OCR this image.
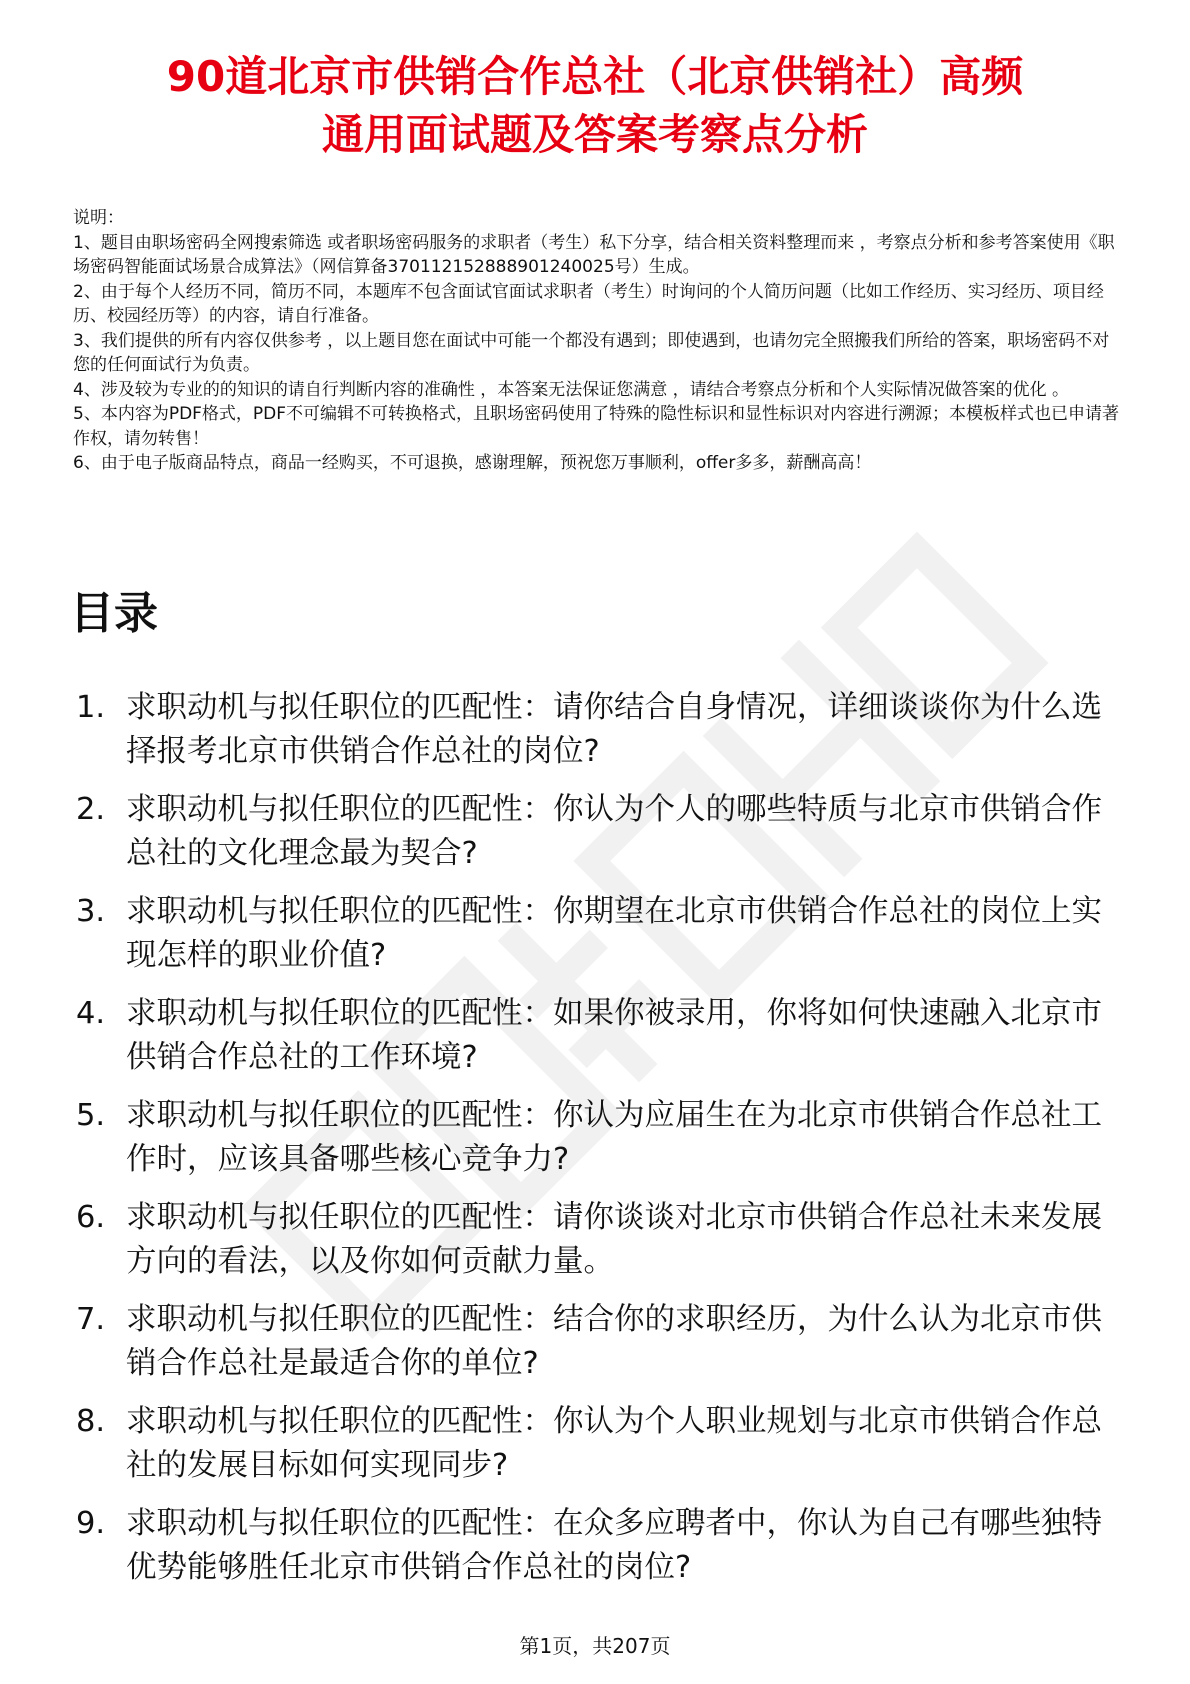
90道北京市供销合作总社（北京供销社）高频
通用面试题及答案考察点分析
说明：

1、题目由职场密码全网搜索筛选 或者职场密码服务的求职者（考生）私下分享，结合相关资料整理而来 ，考察点分析和参考答案使用《职场密码智能面试场景合成算法》（网信算备370112152888901240025号）生成。

2、由于每个人经历不同，简历不同，本题库不包含面试官面试求职者（考生）时询问的个人简历问题（比如工作经历、实习经历、项目经历、校园经历等）的内容，请自行准备。

3、我们提供的所有内容仅供参考 ，以上题目您在面试中可能一个都没有遇到；即使遇到，也请勿完全照搬我们所给的答案，职场密码不对您的任何面试行为负责。

4、涉及较为专业的的知识的请自行判断内容的准确性 ，本答案无法保证您满意 ，请结合考察点分析和个人实际情况做答案的优化 。

5、本内容为PDF格式，PDF不可编辑不可转换格式，且职场密码使用了特殊的隐性标识和显性标识对内容进行溯源；本模板样式也已申请著作权，请勿转售！

6、由于电子版商品特点，商品一经购买，不可退换，感谢理解，预祝您万事顺利，offer多多，薪酬高高！

目录
1. 求职动机与拟任职位的匹配性：请你结合自身情况，详细谈谈你为什么选择报考北京市供销合作总社的岗位?
2. 求职动机与拟任职位的匹配性：你认为个人的哪些特质与北京市供销合作总社的文化理念最为契合?
3. 求职动机与拟任职位的匹配性：你期望在北京市供销合作总社的岗位上实现怎样的职业价值?
4. 求职动机与拟任职位的匹配性：如果你被录用，你将如何快速融入北京市供销合作总社的工作环境?
5. 求职动机与拟任职位的匹配性：你认为应届生在为北京市供销合作总社工作时，应该具备哪些核心竞争力?
6. 求职动机与拟任职位的匹配性：请你谈谈对北京市供销合作总社未来发展方向的看法，以及你如何贡献力量。
7. 求职动机与拟任职位的匹配性：结合你的求职经历，为什么认为北京市供销合作总社是最适合你的单位?
8. 求职动机与拟任职位的匹配性：你认为个人职业规划与北京市供销合作总社的发展目标如何实现同步?
9. 求职动机与拟任职位的匹配性：在众多应聘者中，你认为自己有哪些独特优势能够胜任北京市供销合作总社的岗位?
第1页，共207页
